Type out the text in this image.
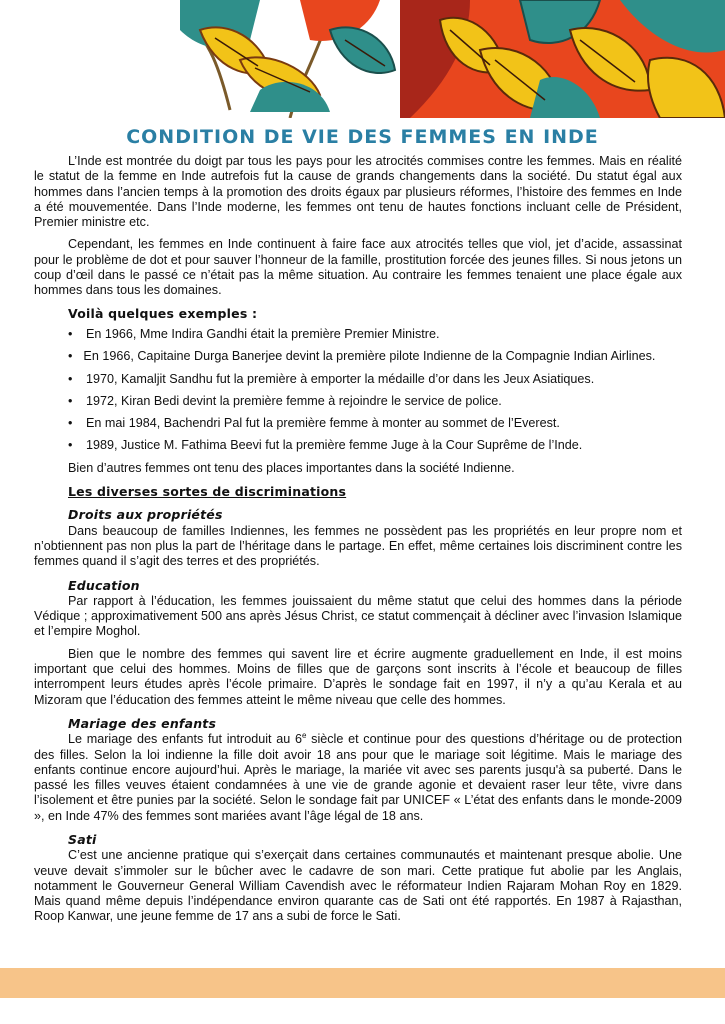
CONDITION DE VIE DES FEMMES EN INDE

L’Inde est montrée du doigt par tous les pays pour les atrocités commises contre les femmes. Mais en réalité le statut de la femme en Inde autrefois fut la cause de grands changements dans la société. Du statut égal aux hommes dans l’ancien temps à la promotion des droits égaux par plusieurs réformes, l’histoire des femmes en Inde a été mouvementée. Dans l’Inde moderne, les femmes ont tenu de hautes fonctions incluant celle de Président, Premier ministre etc.

Cependant, les femmes en Inde continuent à faire face aux atrocités telles que viol, jet d’acide, assassinat pour le problème de dot et pour sauver l’honneur de la famille, prostitution forcée des jeunes filles. Si nous jetons un coup d’œil dans le passé ce n’était pas la même situation. Au contraire les femmes tenaient une place égale aux hommes dans tous les domaines.

Voilà quelques exemples :
• En 1966, Mme Indira Gandhi était la première Premier Ministre.
• En 1966, Capitaine Durga Banerjee devint la première pilote Indienne de la Compagnie Indian Airlines.
• 1970, Kamaljit Sandhu fut la première à emporter la médaille d’or dans les Jeux Asiatiques.
• 1972, Kiran Bedi devint la première femme à rejoindre le service de police.
• En mai 1984, Bachendri Pal fut la première femme à monter au sommet de l’Everest.
• 1989, Justice M. Fathima Beevi fut la première femme Juge à la Cour Suprême de l’Inde.

Bien d’autres femmes ont tenu des places importantes dans la société Indienne.

Les diverses sortes de discriminations
Droits aux propriétés

Dans beaucoup de familles Indiennes, les femmes ne possèdent pas les propriétés en leur propre nom et n’obtiennent pas non plus la part de l’héritage dans le partage. En effet, même certaines lois discriminent contre les femmes quand il s’agit des terres et des propriétés.

Education

Par rapport à l’éducation, les femmes jouissaient du même statut que celui des hommes dans la période Védique ; approximativement 500 ans après Jésus Christ, ce statut commençait à décliner avec l’invasion Islamique et l’empire Moghol.

Bien que le nombre des femmes qui savent lire et écrire augmente graduellement en Inde, il est moins important que celui des hommes. Moins de filles que de garçons sont inscrits à l’école et beaucoup de filles interrompent leurs études après l’école primaire. D’après le sondage fait en 1997, il n’y a qu’au Kerala et au Mizoram que l’éducation des femmes atteint le même niveau que celle des hommes.

Mariage des enfants

Le mariage des enfants fut introduit au 6e siècle et continue pour des questions d’héritage ou de protection des filles. Selon la loi indienne la fille doit avoir 18 ans pour que le mariage soit légitime. Mais le mariage des enfants continue encore aujourd’hui. Après le mariage, la mariée vit avec ses parents jusqu'à sa puberté. Dans le passé les filles veuves étaient condamnées à une vie de grande agonie et devaient raser leur tête, vivre dans l’isolement et être punies par la société. Selon le sondage fait par UNICEF « L’état des enfants dans le monde-2009 », en Inde 47% des femmes sont mariées avant l’âge légal de 18 ans.

Sati

C’est une ancienne pratique qui s’exerçait dans certaines communautés et maintenant presque abolie. Une veuve devait s’immoler sur le bûcher avec le cadavre de son mari. Cette pratique fut abolie par les Anglais, notamment le Gouverneur General William Cavendish avec le réformateur Indien Rajaram Mohan Roy en 1829. Mais quand même depuis l’indépendance environ quarante cas de Sati ont été rapportés. En 1987 à Rajasthan, Roop Kanwar, une jeune femme de 17 ans a subi de force le Sati.
